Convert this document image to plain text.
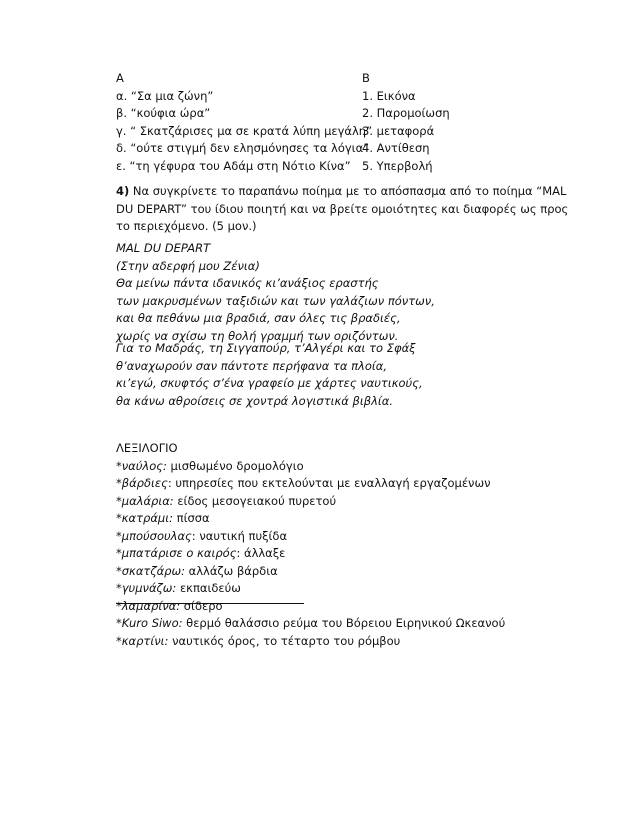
Α
α. “Σα μια ζώνη”
β. “κούφια ώρα”
γ. “ Σκατζάρισες μα σε κρατά λύπη μεγάλη”
δ. “ούτε στιγμή δεν ελησμόνησες τα λόγια”
ε. “τη γέφυρα του Αδάμ στη Νότιο Κίνα”
Β
1. Εικόνα
2. Παρομοίωση
3. μεταφορά
4. Αντίθεση
5. Υπερβολή
4) Να συγκρίνετε το παραπάνω ποίημα με το απόσπασμα από το ποίημα “MAL
DU DEPART” του ίδιου ποιητή και να βρείτε ομοιότητες και διαφορές ως προς
το περιεχόμενο. (5 μον.)
MAL DU DEPART
(Στην αδερφή μου Ζένια)
Θα μείνω πάντα ιδανικός κι’ανάξιος εραστής
των μακρυσμένων ταξιδιών και των γαλάζιων πόντων,
και θα πεθάνω μια βραδιά, σαν όλες τις βραδιές,
χωρίς να σχίσω τη θολή γραμμή των οριζόντων.
Για το Μαδράς, τη Σιγγαπούρ, τ’Αλγέρι και το Σφάξ
θ’αναχωρούν σαν πάντοτε περήφανα τα πλοία,
κι’εγώ, σκυφτός σ’ένα γραφείο με χάρτες ναυτικούς,
θα κάνω αθροίσεις σε χοντρά λογιστικά βιβλία.
ΛΕΞΙΛΟΓΙΟ
*ναύλος: μισθωμένο δρομολόγιο
*βάρδιες: υπηρεσίες που εκτελούνται με εναλλαγή εργαζομένων
*μαλάρια: είδος μεσογειακού πυρετού
*κατράμι: πίσσα
*μπούσουλας: ναυτική πυξίδα
*μπατάρισε ο καιρός: άλλαξε
*σκατζάρω: αλλάζω βάρδια
*γυμνάζω: εκπαιδεύω
*λαμαρίνα: σίδερο
*Kuro Siwo: θερμό θαλάσσιο ρεύμα του Βόρειου Ειρηνικού Ωκεανού
*καρτίνι: ναυτικός όρος, το τέταρτο του ρόμβου
